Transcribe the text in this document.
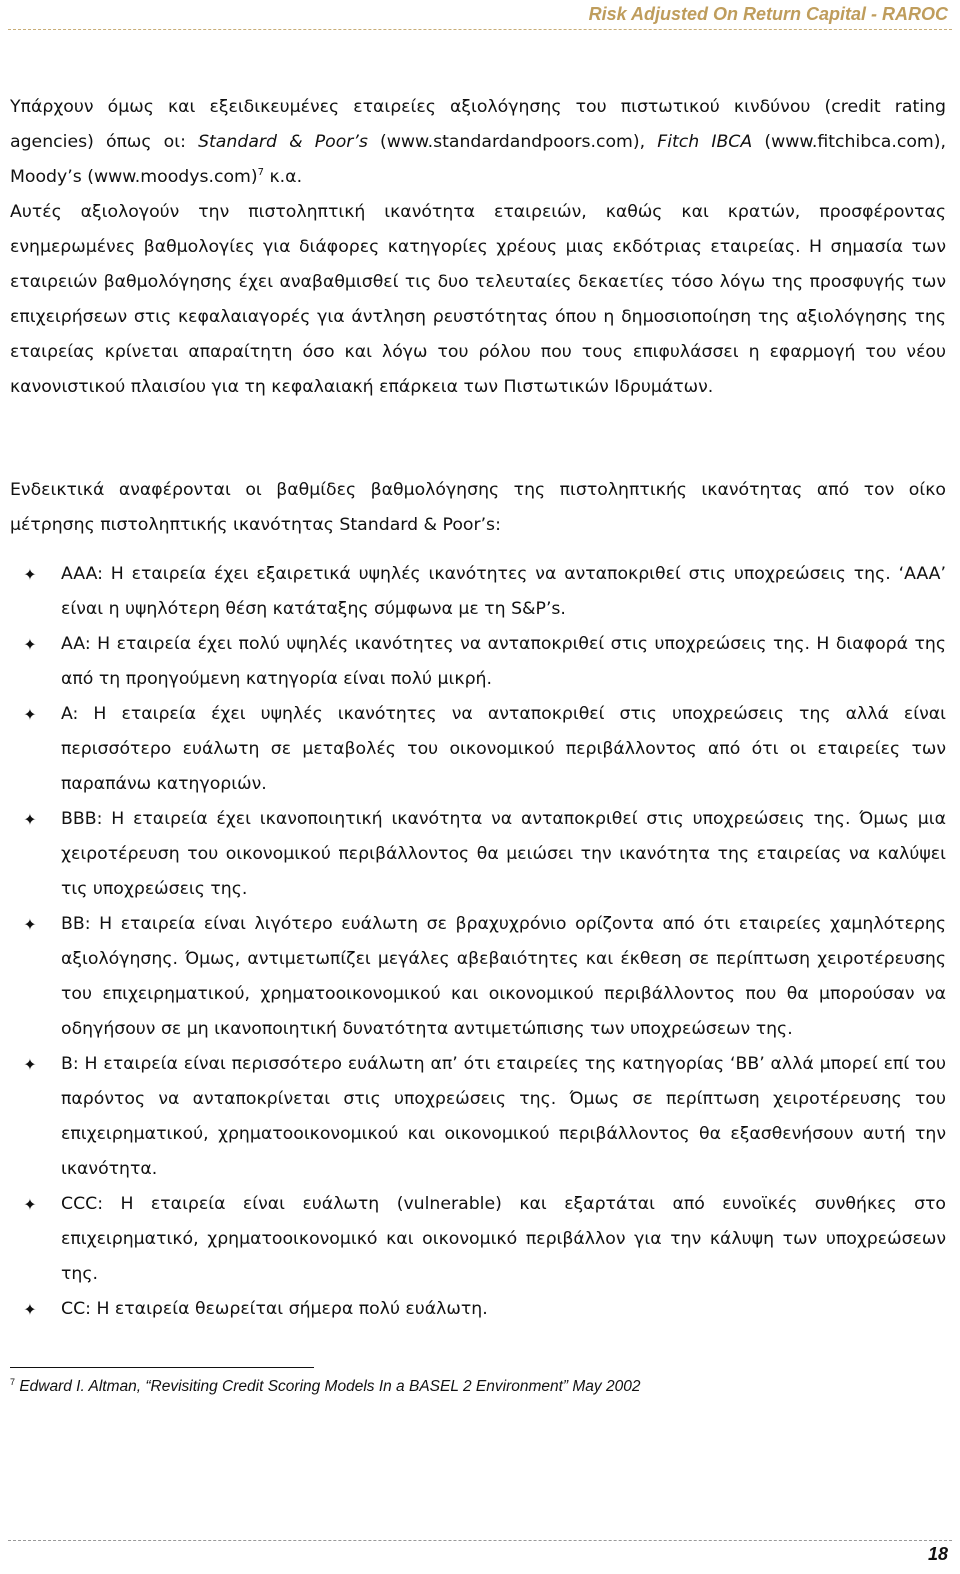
Risk Adjusted On Return Capital - RAROC
Υπάρχουν όμως και εξειδικευμένες εταιρείες αξιολόγησης του πιστωτικού κινδύνου (credit rating agencies) όπως οι: Standard & Poor’s (www.standardandpoors.com), Fitch IBCA (www.fitchibca.com), Moody’s (www.moodys.com)$^7$ κ.α.
Αυτές αξιολογούν την πιστοληπτική ικανότητα εταιρειών, καθώς και κρατών, προσφέροντας ενημερωμένες βαθμολογίες για διάφορες κατηγορίες χρέους μιας εκδότριας εταιρείας. Η σημασία των εταιρειών βαθμολόγησης έχει αναβαθμισθεί τις δυο τελευταίες δεκαετίες τόσο λόγω της προσφυγής των επιχειρήσεων στις κεφαλαιαγορές για άντληση ρευστότητας όπου η δημοσιοποίηση της αξιολόγησης της εταιρείας κρίνεται απαραίτητη όσο και λόγω του ρόλου που τους επιφυλάσσει η εφαρμογή του νέου κανονιστικού πλαισίου για τη κεφαλαιακή επάρκεια των Πιστωτικών Ιδρυμάτων.
Ενδεικτικά αναφέρονται οι βαθμίδες βαθμολόγησης της πιστοληπτικής ικανότητας από τον οίκο μέτρησης πιστοληπτικής ικανότητας Standard & Poor’s:
✦ AAA: Η εταιρεία έχει εξαιρετικά υψηλές ικανότητες να ανταποκριθεί στις υποχρεώσεις της. ‘AAA’ είναι η υψηλότερη θέση κατάταξης σύμφωνα με τη S&P’s.
✦ AA: Η εταιρεία έχει πολύ υψηλές ικανότητες να ανταποκριθεί στις υποχρεώσεις της. Η διαφορά της από τη προηγούμενη κατηγορία είναι πολύ μικρή.
✦ A: Η εταιρεία έχει υψηλές ικανότητες να ανταποκριθεί στις υποχρεώσεις της αλλά είναι περισσότερο ευάλωτη σε μεταβολές του οικονομικού περιβάλλοντος από ότι οι εταιρείες των παραπάνω κατηγοριών.
✦ BBB: Η εταιρεία έχει ικανοποιητική ικανότητα να ανταποκριθεί στις υποχρεώσεις της. Όμως μια χειροτέρευση του οικονομικού περιβάλλοντος θα μειώσει την ικανότητα της εταιρείας να καλύψει τις υποχρεώσεις της.
✦ BB: Η εταιρεία είναι λιγότερο ευάλωτη σε βραχυχρόνιο ορίζοντα από ότι εταιρείες χαμηλότερης αξιολόγησης. Όμως, αντιμετωπίζει μεγάλες αβεβαιότητες και έκθεση σε περίπτωση χειροτέρευσης του επιχειρηματικού, χρηματοοικονομικού και οικονομικού περιβάλλοντος που θα μπορούσαν να οδηγήσουν σε μη ικανοποιητική δυνατότητα αντιμετώπισης των υποχρεώσεων της.
✦ B: Η εταιρεία είναι περισσότερο ευάλωτη απ’ ότι εταιρείες της κατηγορίας ‘BB’ αλλά μπορεί επί του παρόντος να ανταποκρίνεται στις υποχρεώσεις της. Όμως σε περίπτωση χειροτέρευσης του επιχειρηματικού, χρηματοοικονομικού και οικονομικού περιβάλλοντος θα εξασθενήσουν αυτή την ικανότητα.
✦ CCC: Η εταιρεία είναι ευάλωτη (vulnerable) και εξαρτάται από ευνοϊκές συνθήκες στο επιχειρηματικό, χρηματοοικονομικό και οικονομικό περιβάλλον για την κάλυψη των υποχρεώσεων της.
✦ CC: Η εταιρεία θεωρείται σήμερα πολύ ευάλωτη.
$^7$ Edward I. Altman, “Revisiting Credit Scoring Models In a BASEL 2 Environment” May 2002
18
